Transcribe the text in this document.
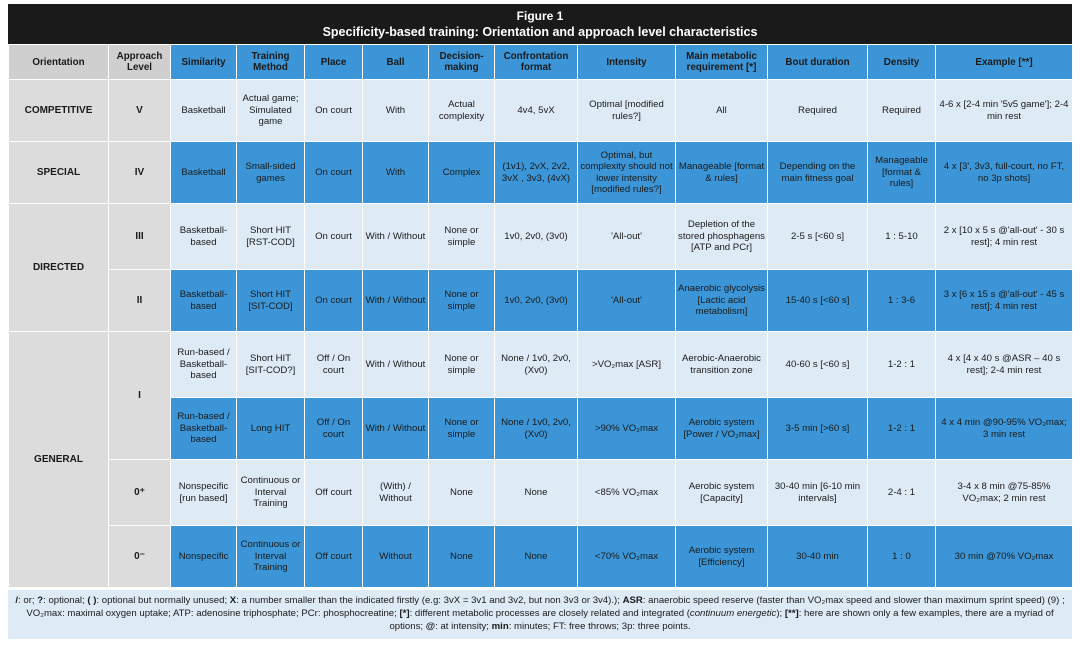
Figure 1
Specificity-based training: Orientation and approach level characteristics
Orientation	Approach Level	Similarity	Training Method	Place	Ball	Decision-making	Confrontation format	Intensity	Main metabolic requirement [*]	Bout duration	Density	Example [**]
COMPETITIVE	V	Basketball	Actual game; Simulated game	On court	With	Actual complexity	4v4, 5vX	Optimal [modified rules?]	All	Required	Required	4-6 x [2-4 min '5v5 game']; 2-4 min rest
SPECIAL	IV	Basketball	Small-sided games	On court	With	Complex	(1v1), 2vX, 2v2, 3vX , 3v3, (4vX)	Optimal, but complexity should not lower intensity [modified rules?]	Manageable [format & rules]	Depending on the main fitness goal	Manageable [format & rules]	4 x [3', 3v3, full-court, no FT, no 3p shots]
DIRECTED	III	Basketball-based	Short HIT [RST-COD]	On court	With / Without	None or simple	1v0, 2v0, (3v0)	'All-out'	Depletion of the stored phosphagens [ATP and PCr]	2-5 s [<60 s]	1 : 5-10	2 x [10 x 5 s @'all-out' - 30 s rest]; 4 min rest
	II	Basketball-based	Short HIT [SIT-COD]	On court	With / Without	None or simple	1v0, 2v0, (3v0)	'All-out'	Anaerobic glycolysis [Lactic acid metabolism]	15-40 s [<60 s]	1 : 3-6	3 x [6 x 15 s @'all-out' - 45 s rest]; 4 min rest
GENERAL	I	Run-based / Basketball-based	Short HIT [SIT-COD?]	Off / On court	With / Without	None or simple	None / 1v0, 2v0, (Xv0)	>VO₂max [ASR]	Aerobic-Anaerobic transition zone	40-60 s [<60 s]	1-2 : 1	4 x [4 x 40 s @ASR – 40 s rest]; 2-4 min rest
		Run-based / Basketball-based	Long HIT	Off / On court	With / Without	None or simple	None / 1v0, 2v0, (Xv0)	>90% VO₂max	Aerobic system [Power / VO₂max]	3-5 min [>60 s]	1-2 : 1	4 x 4 min @90-95% VO₂max; 3 min rest
	0⁺	Nonspecific [run based]	Continuous or Interval Training	Off court	(With) / Without	None	None	<85% VO₂max	Aerobic system [Capacity]	30-40 min [6-10 min intervals]	2-4 : 1	3-4 x 8 min @75-85% VO₂max; 2 min rest
	0⁻	Nonspecific	Continuous or Interval Training	Off court	Without	None	None	<70% VO₂max	Aerobic system [Efficiency]	30-40 min	1 : 0	30 min @70% VO₂max
/: or; ?: optional; ( ): optional but normally unused; X: a number smaller than the indicated firstly (e.g: 3vX = 3v1 and 3v2, but non 3v3 or 3v4).); ASR: anaerobic speed reserve (faster than VO₂max speed and slower than maximum sprint speed) (9) ; VO₂max: maximal oxygen uptake; ATP: adenosine triphosphate; PCr: phosphocreatine; [*]: different metabolic processes are closely related and integrated (continuum energetic); [**]: here are shown only a few examples, there are a myriad of options; @: at intensity; min: minutes; FT: free throws; 3p: three points.
